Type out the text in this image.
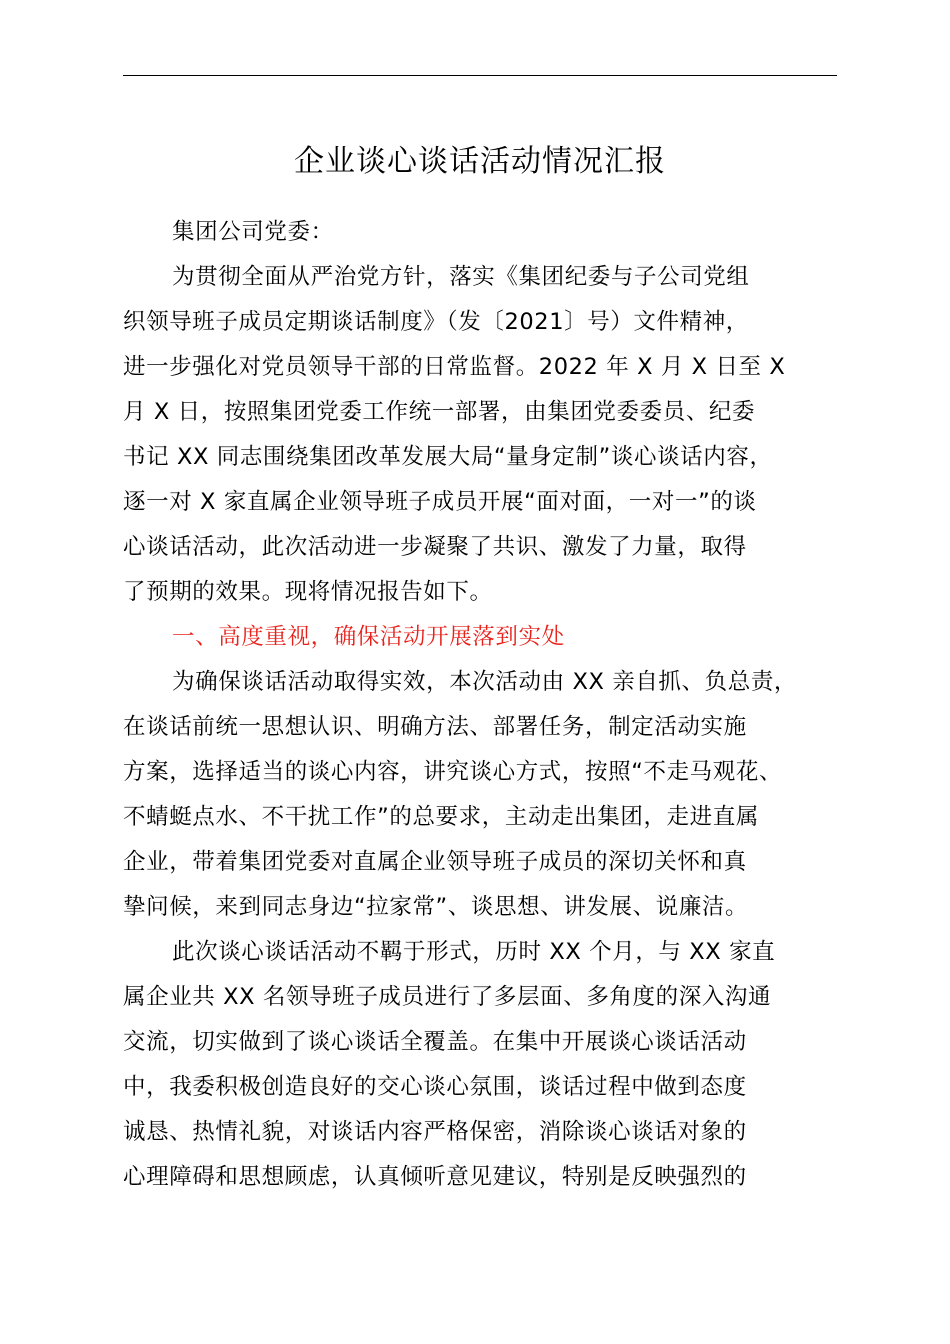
企业谈心谈话活动情况汇报
集团公司党委：
为贯彻全面从严治党方针，落实《集团纪委与子公司党组
织领导班子成员定期谈话制度》（发〔2021〕号）文件精神，
进一步强化对党员领导干部的日常监督。2022 年 X 月 X 日至 X
月 X 日，按照集团党委工作统一部署，由集团党委委员、纪委
书记 XX 同志围绕集团改革发展大局“量身定制”谈心谈话内容，
逐一对 X 家直属企业领导班子成员开展“面对面，一对一”的谈
心谈话活动，此次活动进一步凝聚了共识、激发了力量，取得
了预期的效果。现将情况报告如下。
一、高度重视，确保活动开展落到实处
为确保谈话活动取得实效，本次活动由 XX 亲自抓、负总责，
在谈话前统一思想认识、明确方法、部署任务，制定活动实施
方案，选择适当的谈心内容，讲究谈心方式，按照“不走马观花、
不蜻蜓点水、不干扰工作”的总要求，主动走出集团，走进直属
企业，带着集团党委对直属企业领导班子成员的深切关怀和真
挚问候，来到同志身边“拉家常”、谈思想、讲发展、说廉洁。
此次谈心谈话活动不羁于形式，历时 XX 个月，与 XX 家直
属企业共 XX 名领导班子成员进行了多层面、多角度的深入沟通
交流，切实做到了谈心谈话全覆盖。在集中开展谈心谈话活动
中，我委积极创造良好的交心谈心氛围，谈话过程中做到态度
诚恳、热情礼貌，对谈话内容严格保密，消除谈心谈话对象的
心理障碍和思想顾虑，认真倾听意见建议，特别是反映强烈的
